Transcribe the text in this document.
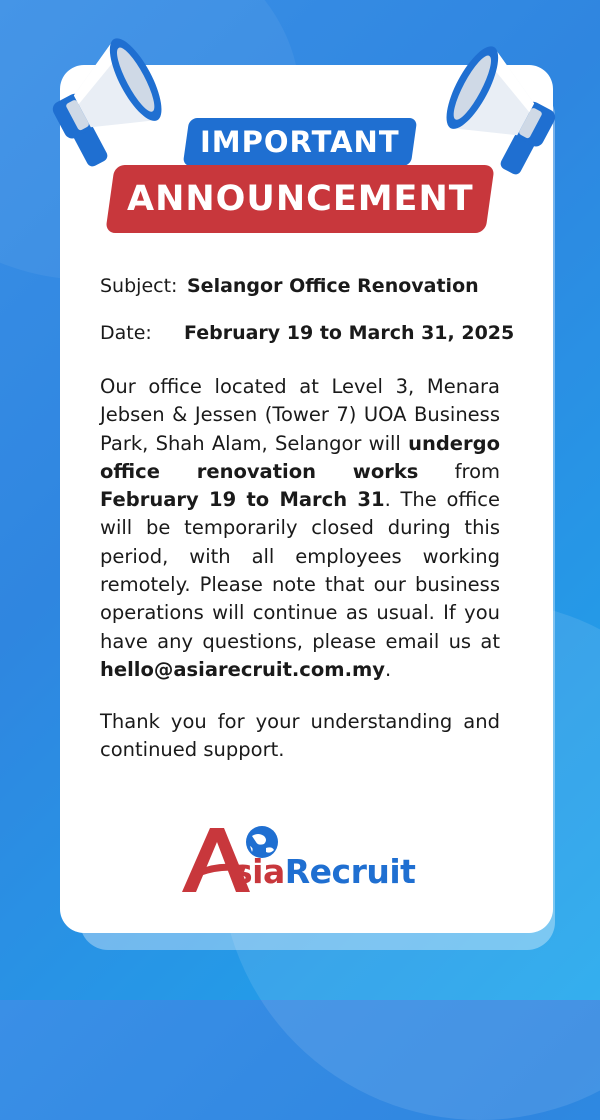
IMPORTANT
ANNOUNCEMENT
Subject: Selangor Office Renovation
Date: February 19 to March 31, 2025
Our office located at Level 3, Menara Jebsen & Jessen (Tower 7) UOA Business Park, Shah Alam, Selangor will undergo office renovation works from February 19 to March 31. The office will be temporarily closed during this period, with all employees working remotely. Please note that our business operations will continue as usual. If you have any questions, please email us at hello@asiarecruit.com.my.
Thank you for your understanding and continued support.
siaRecruit
